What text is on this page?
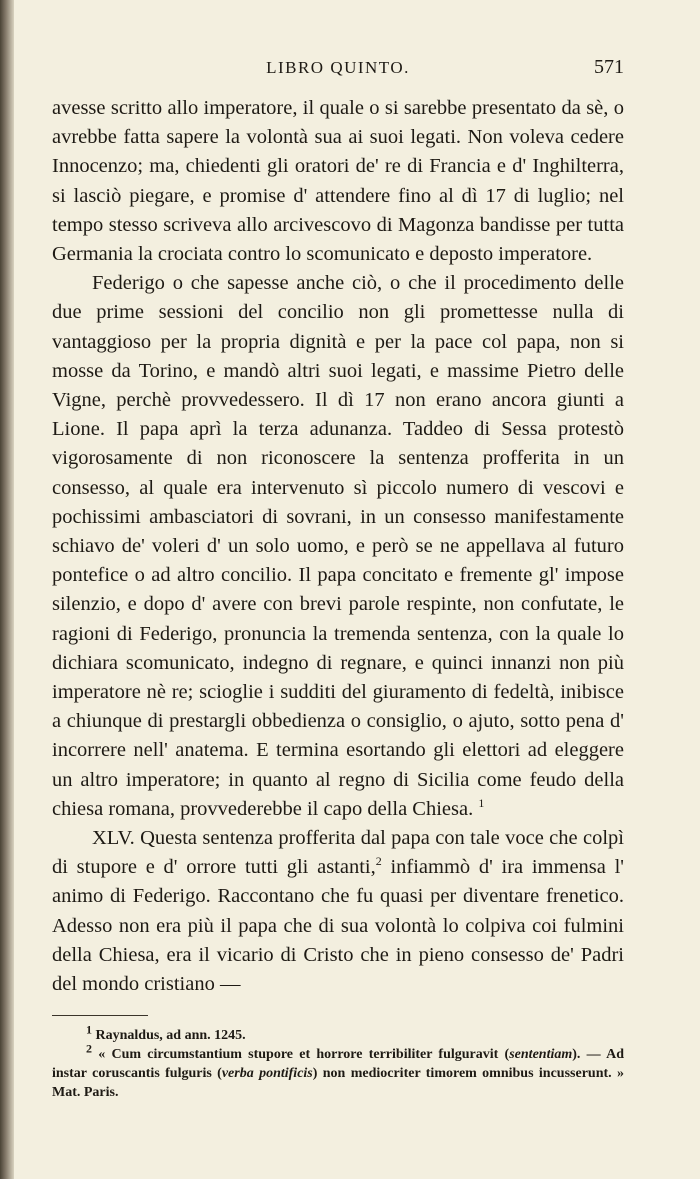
LIBRO QUINTO.	571

avesse scritto allo imperatore, il quale o si sarebbe presentato da sè, o avrebbe fatta sapere la volontà sua ai suoi legati. Non voleva cedere Innocenzo; ma, chiedenti gli oratori de' re di Francia e d' Inghilterra, si lasciò piegare, e promise d' attendere fino al dì 17 di luglio; nel tempo stesso scriveva allo arcivescovo di Magonza bandisse per tutta Germania la crociata contro lo scomunicato e deposto imperatore.

Federigo o che sapesse anche ciò, o che il procedimento delle due prime sessioni del concilio non gli promettesse nulla di vantaggioso per la propria dignità e per la pace col papa, non si mosse da Torino, e mandò altri suoi legati, e massime Pietro delle Vigne, perchè provvedessero. Il dì 17 non erano ancora giunti a Lione. Il papa aprì la terza adunanza. Taddeo di Sessa protestò vigorosamente di non riconoscere la sentenza profferita in un consesso, al quale era intervenuto sì piccolo numero di vescovi e pochissimi ambasciatori di sovrani, in un consesso manifestamente schiavo de' voleri d' un solo uomo, e però se ne appellava al futuro pontefice o ad altro concilio. Il papa concitato e fremente gl' impose silenzio, e dopo d' avere con brevi parole respinte, non confutate, le ragioni di Federigo, pronuncia la tremenda sentenza, con la quale lo dichiara scomunicato, indegno di regnare, e quinci innanzi non più imperatore nè re; scioglie i sudditi del giuramento di fedeltà, inibisce a chiunque di prestargli obbedienza o consiglio, o ajuto, sotto pena d' incorrere nell' anatema. E termina esortando gli elettori ad eleggere un altro imperatore; in quanto al regno di Sicilia come feudo della chiesa romana, provvederebbe il capo della Chiesa. $^1$

XLV. Questa sentenza profferita dal papa con tale voce che colpì di stupore e d' orrore tutti gli astanti,$^2$ infiammò d' ira immensa l' animo di Federigo. Raccontano che fu quasi per diventare frenetico. Adesso non era più il papa che di sua volontà lo colpiva coi fulmini della Chiesa, era il vicario di Cristo che in pieno consesso de' Padri del mondo cristiano —

$^1$ Raynaldus, ad ann. 1245.

$^2$ « Cum circumstantium stupore et horrore terribiliter fulguravit (sententiam). — Ad instar coruscantis fulguris (verba pontificis) non mediocriter timorem omnibus incusserunt. » Mat. Paris.
